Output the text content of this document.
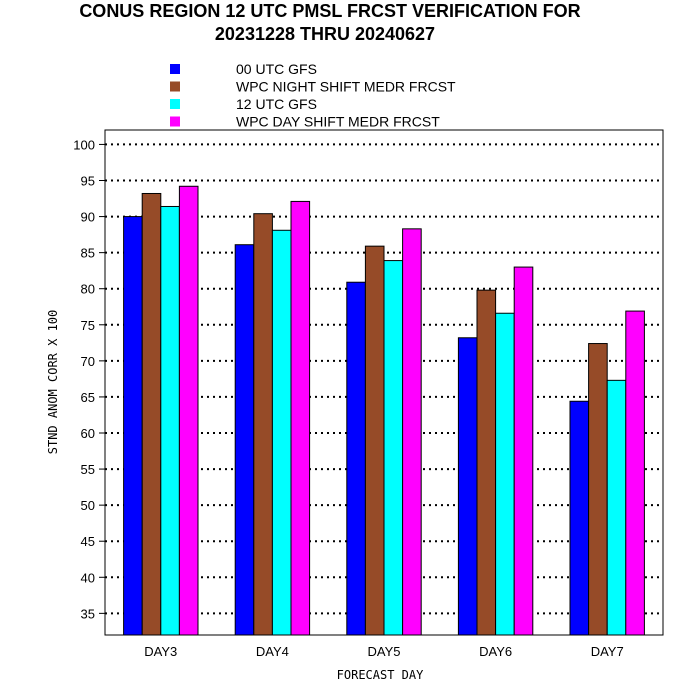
CONUS REGION 12 UTC PMSL FRCST VERIFICATION FOR
20231228 THRU 20240627
00 UTC GFS
WPC NIGHT SHIFT MEDR FRCST
12 UTC GFS
WPC DAY SHIFT MEDR FRCST
35
40
45
50
55
60
65
70
75
80
85
90
95
100
DAY3	DAY4	DAY5	DAY6	DAY7
FORECAST DAY
STND ANOM CORR X 100
